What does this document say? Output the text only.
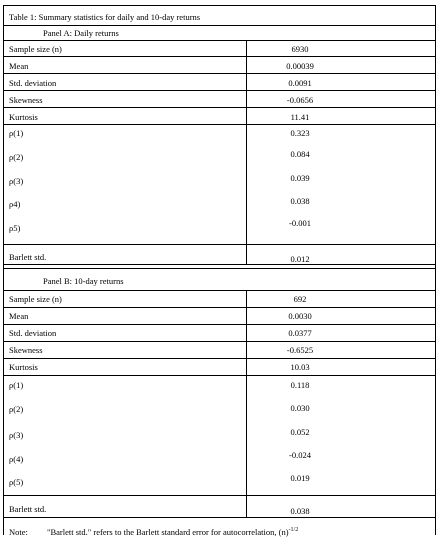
Table 1: Summary statistics for daily and 10-day returns
Panel A: Daily returns
Sample size (n)	6930
Mean	0.00039
Std. deviation	0.0091
Skewness	-0.0656
Kurtosis	11.41
ρ(1)	0.323
ρ(2)	0.084
ρ(3)	0.039
ρ4)	0.038
ρ5)	-0.001
Barlett std.	0.012
Panel B: 10-day returns
Sample size (n)	692
Mean	0.0030
Std. deviation	0.0377
Skewness	-0.6525
Kurtosis	10.03
ρ(1)	0.118
ρ(2)	0.030
ρ(3)	0.052
ρ(4)	-0.024
ρ(5)	0.019
Barlett std.	0.038
Note: "Barlett std." refers to the Barlett standard error for autocorrelation, $(n)^{-1/2}$
